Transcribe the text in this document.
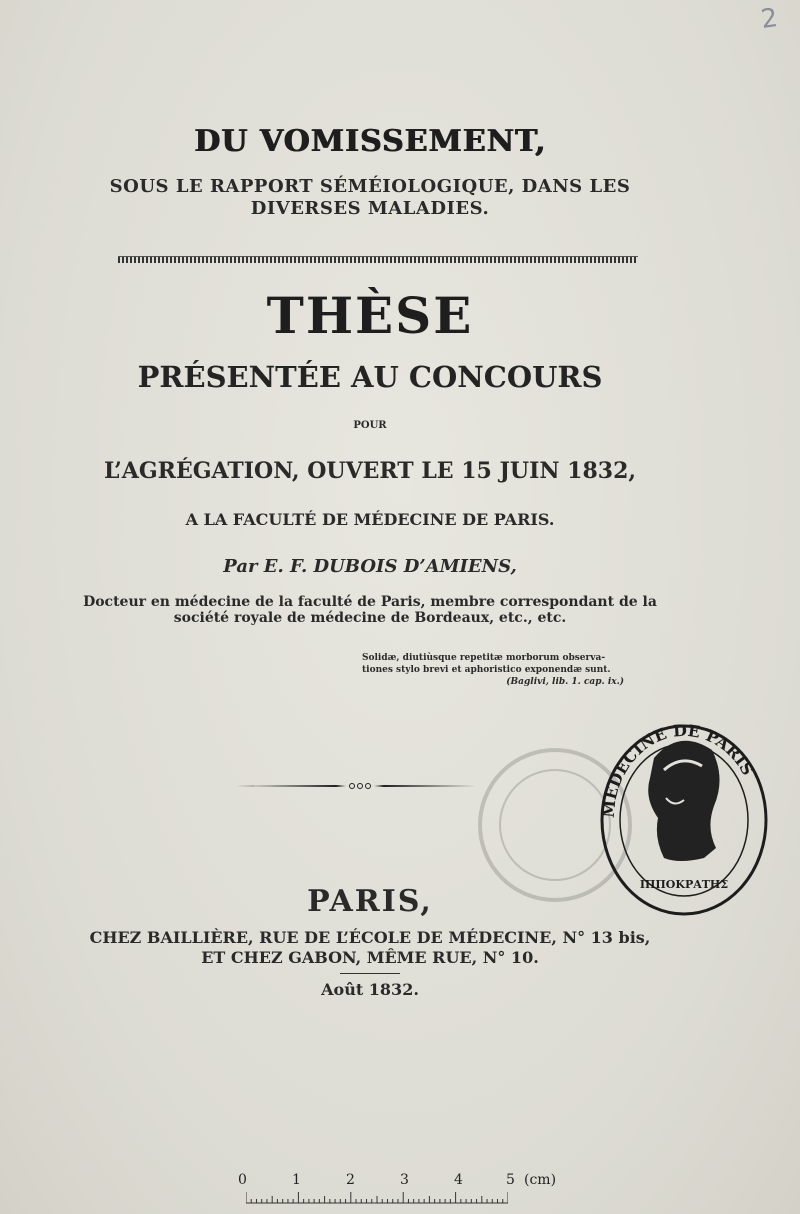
2
DU VOMISSEMENT,
SOUS LE RAPPORT SÉMÉIOLOGIQUE, DANS LES
DIVERSES MALADIES.
THÈSE
PRÉSENTÉE AU CONCOURS
POUR
L’AGRÉGATION, OUVERT LE 15 JUIN 1832,
A LA FACULTÉ DE MÉDECINE DE PARIS.
Par E. F. DUBOIS D’AMIENS,
Docteur en médecine de la faculté de Paris, membre correspondant de la
société royale de médecine de Bordeaux, etc., etc.
Solidæ, diutiùsque repetitæ morborum observa-
tiones stylo brevi et aphoristico exponendæ sunt.
(Baglivi, lib. 1. cap. ix.)
MEDECINE DE PARIS
ΙΠΠΟΚΡΑΤΗΣ
PARIS,
CHEZ BAILLIÈRE, RUE DE L’ÉCOLE DE MÉDECINE, N° 13 bis,
ET CHEZ GABON, MÊME RUE, N° 10.
Août 1832.
0	1	2	3	4	5 (cm)
